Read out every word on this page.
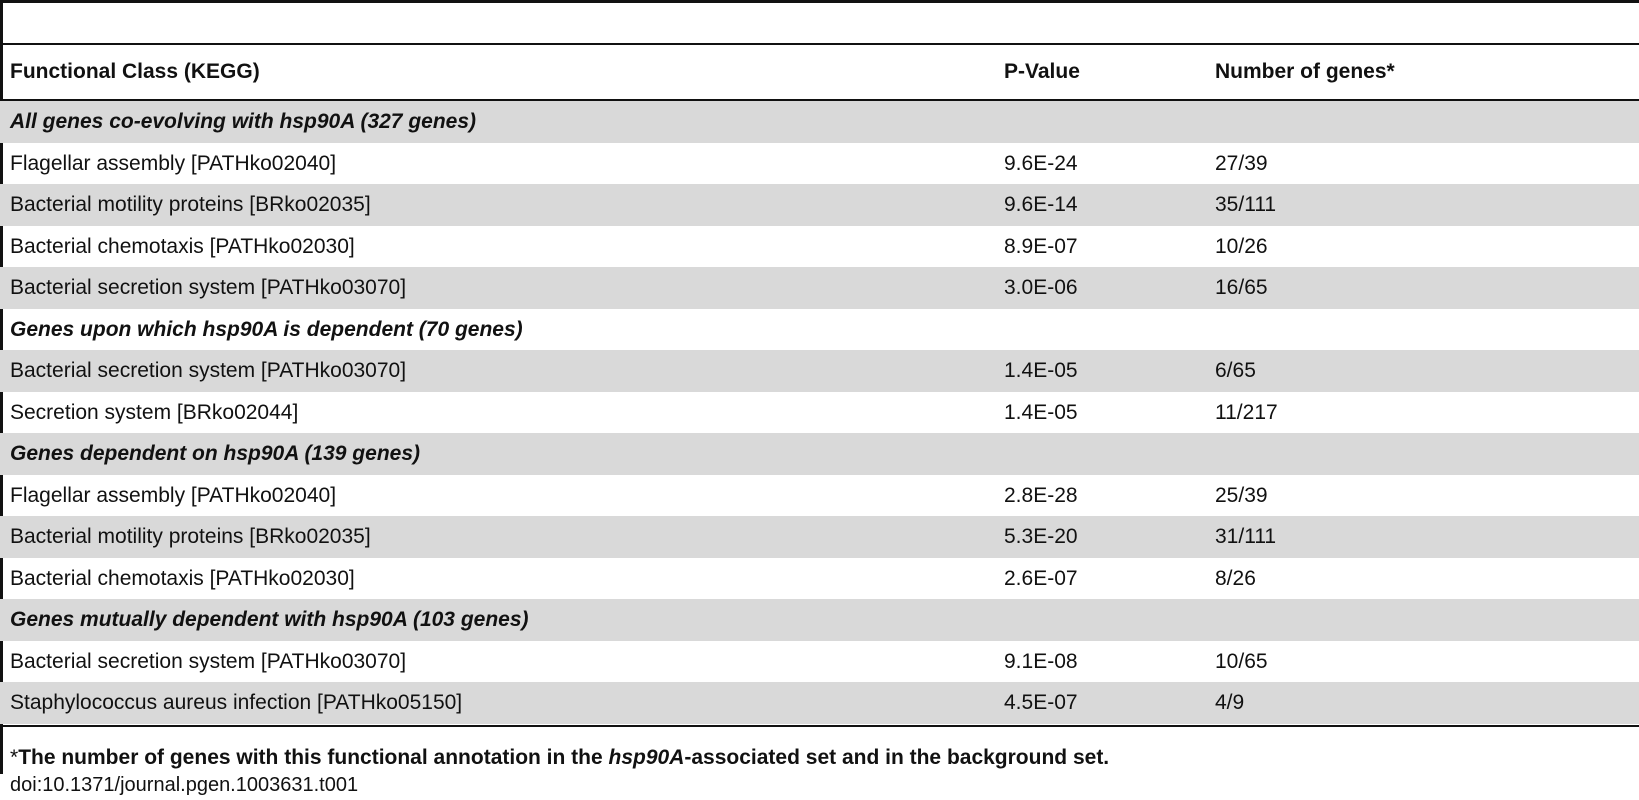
Functional Class (KEGG)	P-Value	Number of genes*
All genes co-evolving with hsp90A (327 genes)
Flagellar assembly [PATHko02040]	9.6E-24	27/39
Bacterial motility proteins [BRko02035]	9.6E-14	35/111
Bacterial chemotaxis [PATHko02030]	8.9E-07	10/26
Bacterial secretion system [PATHko03070]	3.0E-06	16/65
Genes upon which hsp90A is dependent (70 genes)
Bacterial secretion system [PATHko03070]	1.4E-05	6/65
Secretion system [BRko02044]	1.4E-05	11/217
Genes dependent on hsp90A (139 genes)
Flagellar assembly [PATHko02040]	2.8E-28	25/39
Bacterial motility proteins [BRko02035]	5.3E-20	31/111
Bacterial chemotaxis [PATHko02030]	2.6E-07	8/26
Genes mutually dependent with hsp90A (103 genes)
Bacterial secretion system [PATHko03070]	9.1E-08	10/65
Staphylococcus aureus infection [PATHko05150]	4.5E-07	4/9
*The number of genes with this functional annotation in the hsp90A-associated set and in the background set.
doi:10.1371/journal.pgen.1003631.t001
